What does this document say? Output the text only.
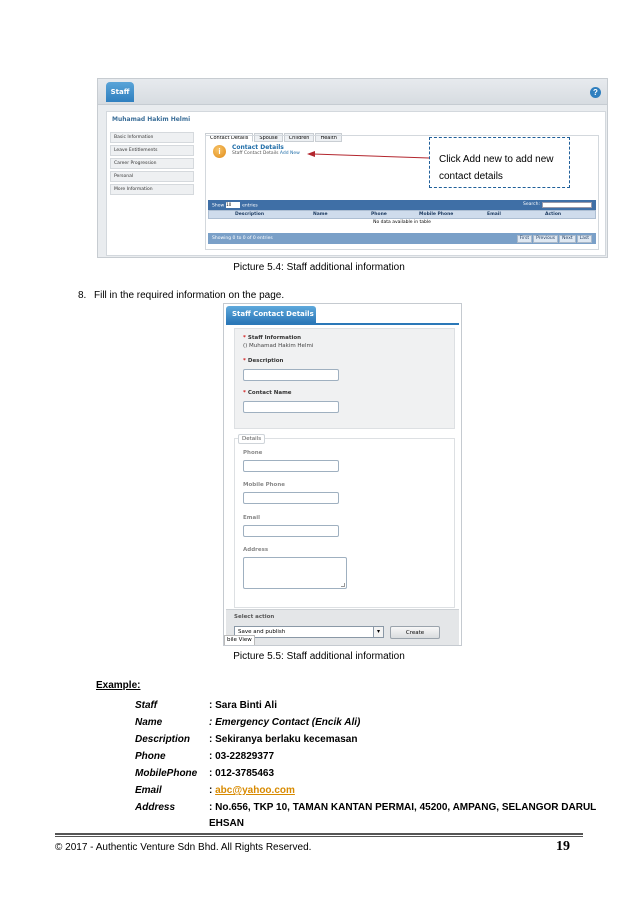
Staff	?
Muhamad Hakim Helmi
Basic Information
Leave Entitlements
Career Progression
Personal
More Information
Contact Details Spouse Children Health
i	Contact Details
Staff Contact Details Add New
Show 10 entries	Search:
Description	Name	Phone	Mobile Phone	Email	Action
No data available in table
Showing 0 to 0 of 0 entries	First Previous Next Last
Click Add new to add new
contact details
Picture 5.4: Staff additional information
8. Fill in the required information on the page.
Staff Contact Details
* Staff Information
() Muhamad Hakim Helmi
* Description
* Contact Name
Details
Phone
Mobile Phone
Email
Address
Select action
Save and publish	▾	Create
bile View
Picture 5.5: Staff additional information
Example:
Staff	: Sara Binti Ali
Name	: Emergency Contact (Encik Ali)
Description : Sekiranya berlaku kecemasan
Phone	: 03-22829377
MobilePhone : 012-3785463
Email	: abc@yahoo.com
Address	: No.656, TKP 10, TAMAN KANTAN PERMAI, 45200, AMPANG, SELANGOR DARUL
EHSAN
© 2017 - Authentic Venture Sdn Bhd. All Rights Reserved.	19
